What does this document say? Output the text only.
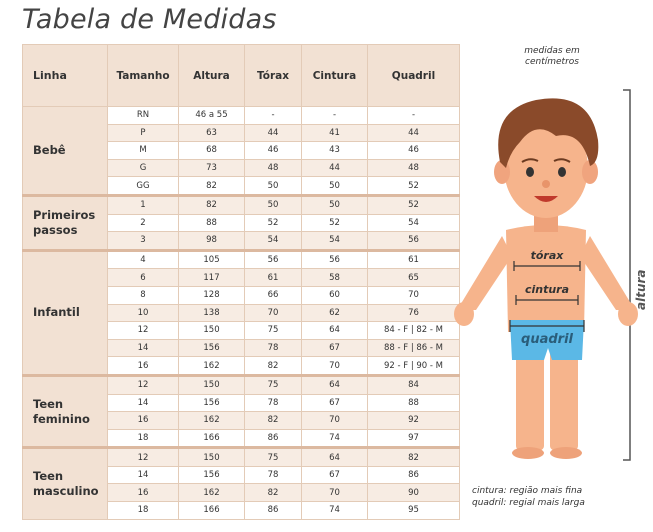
Tabela de Medidas
Linha	Tamanho	Altura	Tórax	Cintura	Quadril
Bebê	RN	46 a 55	-	-	-
	P	63	44	41	44
	M	68	46	43	46
	G	73	48	44	48
	GG	82	50	50	52
Primeiros passos	1	82	50	50	52
	2	88	52	52	54
	3	98	54	54	56
Infantil	4	105	56	56	61
	6	117	61	58	65
	8	128	66	60	70
	10	138	70	62	76
	12	150	75	64	84 - F | 82 - M
	14	156	78	67	88 - F | 86 - M
	16	162	82	70	92 - F | 90 - M
Teen feminino	12	150	75	64	84
	14	156	78	67	88
	16	162	82	70	92
	18	166	86	74	97
Teen masculino	12	150	75	64	82
	14	156	78	67	86
	16	162	82	70	90
	18	166	86	74	95
medidas em centímetros
altura
tórax
cintura
quadril
cintura: região mais fina
quadril: regial mais larga
